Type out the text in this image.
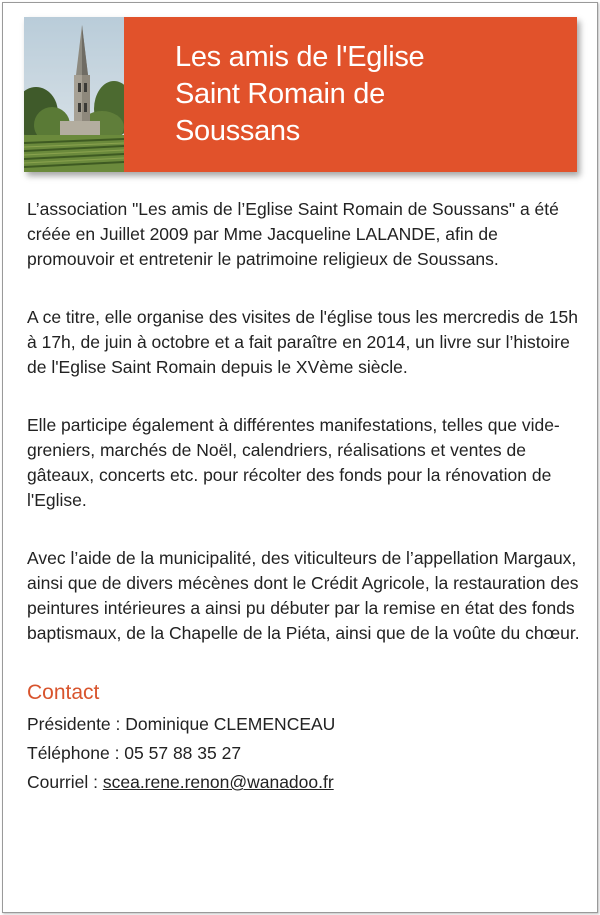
Les amis de l'Eglise
Saint Romain de
Soussans

L’association "Les amis de l’Eglise Saint Romain de Soussans" a été créée en Juillet 2009 par Mme Jacqueline LALANDE, afin de promouvoir et entretenir le patrimoine religieux de Soussans.

A ce titre, elle organise des visites de l'église tous les mercredis de 15h à 17h, de juin à octobre et a fait paraître en 2014, un livre sur l’histoire de l'Eglise Saint Romain depuis le XVème siècle.

Elle participe également à différentes manifestations, telles que vide-greniers, marchés de Noël, calendriers, réalisations et ventes de gâteaux, concerts etc. pour récolter des fonds pour la rénovation de l'Eglise.

Avec l’aide de la municipalité, des viticulteurs de l’appellation Margaux, ainsi que de divers mécènes dont le Crédit Agricole, la restauration des peintures intérieures a ainsi pu débuter par la remise en état des fonds baptismaux, de la Chapelle de la Piéta, ainsi que de la voûte du chœur.

Contact
Présidente : Dominique CLEMENCEAU
Téléphone : 05 57 88 35 27
Courriel : scea.rene.renon@wanadoo.fr
